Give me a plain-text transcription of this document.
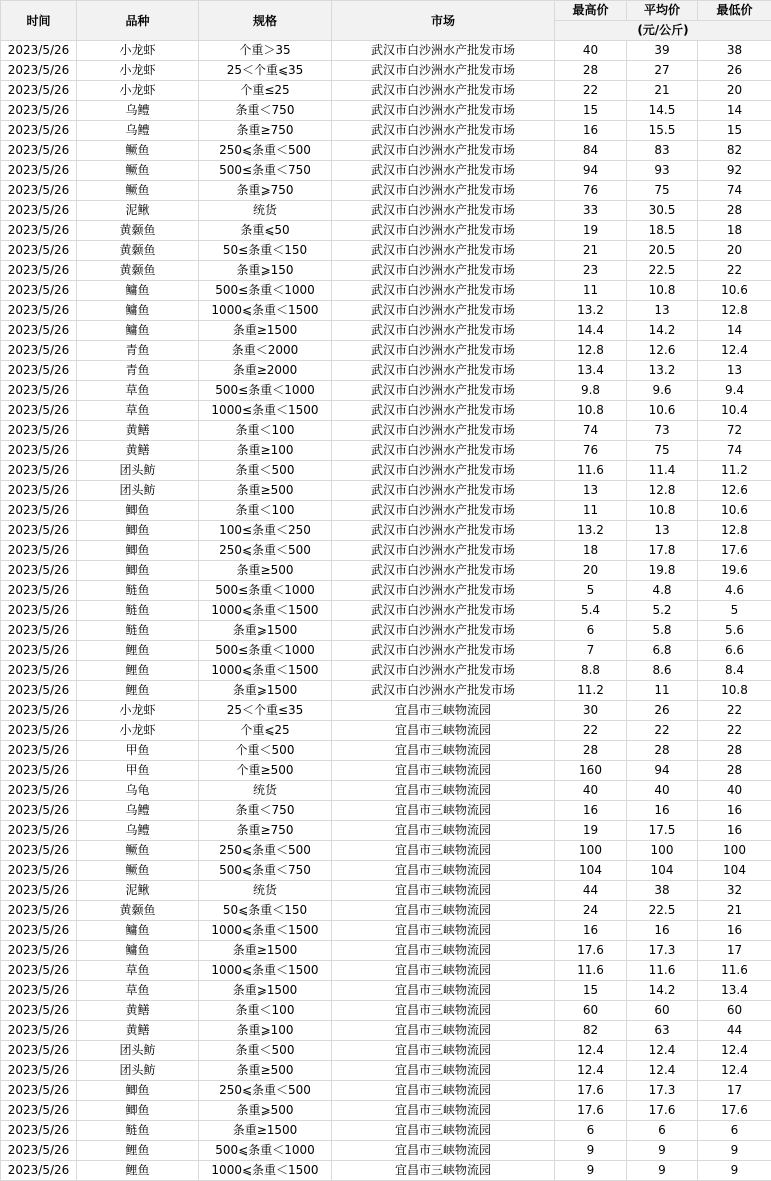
时间	品种	规格	市场	最高价	平均价	最低价
				(元/公斤)		
2023/5/26	小龙虾	个重＞35	武汉市白沙洲水产批发市场	40	39	38
2023/5/26	小龙虾	25＜个重⩽35	武汉市白沙洲水产批发市场	28	27	26
2023/5/26	小龙虾	个重≤25	武汉市白沙洲水产批发市场	22	21	20
2023/5/26	乌鳢	条重＜750	武汉市白沙洲水产批发市场	15	14.5	14
2023/5/26	乌鳢	条重≥750	武汉市白沙洲水产批发市场	16	15.5	15
2023/5/26	鳜鱼	250⩽条重＜500	武汉市白沙洲水产批发市场	84	83	82
2023/5/26	鳜鱼	500≤条重＜750	武汉市白沙洲水产批发市场	94	93	92
2023/5/26	鳜鱼	条重⩾750	武汉市白沙洲水产批发市场	76	75	74
2023/5/26	泥鳅	统货	武汉市白沙洲水产批发市场	33	30.5	28
2023/5/26	黄颡鱼	条重⩽50	武汉市白沙洲水产批发市场	19	18.5	18
2023/5/26	黄颡鱼	50≤条重＜150	武汉市白沙洲水产批发市场	21	20.5	20
2023/5/26	黄颡鱼	条重⩾150	武汉市白沙洲水产批发市场	23	22.5	22
2023/5/26	鳙鱼	500≤条重＜1000	武汉市白沙洲水产批发市场	11	10.8	10.6
2023/5/26	鳙鱼	1000⩽条重＜1500	武汉市白沙洲水产批发市场	13.2	13	12.8
2023/5/26	鳙鱼	条重≥1500	武汉市白沙洲水产批发市场	14.4	14.2	14
2023/5/26	青鱼	条重＜2000	武汉市白沙洲水产批发市场	12.8	12.6	12.4
2023/5/26	青鱼	条重≥2000	武汉市白沙洲水产批发市场	13.4	13.2	13
2023/5/26	草鱼	500≤条重＜1000	武汉市白沙洲水产批发市场	9.8	9.6	9.4
2023/5/26	草鱼	1000≤条重＜1500	武汉市白沙洲水产批发市场	10.8	10.6	10.4
2023/5/26	黄鳝	条重＜100	武汉市白沙洲水产批发市场	74	73	72
2023/5/26	黄鳝	条重≥100	武汉市白沙洲水产批发市场	76	75	74
2023/5/26	团头鲂	条重＜500	武汉市白沙洲水产批发市场	11.6	11.4	11.2
2023/5/26	团头鲂	条重≥500	武汉市白沙洲水产批发市场	13	12.8	12.6
2023/5/26	鲫鱼	条重＜100	武汉市白沙洲水产批发市场	11	10.8	10.6
2023/5/26	鲫鱼	100≤条重＜250	武汉市白沙洲水产批发市场	13.2	13	12.8
2023/5/26	鲫鱼	250⩽条重＜500	武汉市白沙洲水产批发市场	18	17.8	17.6
2023/5/26	鲫鱼	条重≥500	武汉市白沙洲水产批发市场	20	19.8	19.6
2023/5/26	鲢鱼	500≤条重＜1000	武汉市白沙洲水产批发市场	5	4.8	4.6
2023/5/26	鲢鱼	1000⩽条重＜1500	武汉市白沙洲水产批发市场	5.4	5.2	5
2023/5/26	鲢鱼	条重⩾1500	武汉市白沙洲水产批发市场	6	5.8	5.6
2023/5/26	鲤鱼	500≤条重＜1000	武汉市白沙洲水产批发市场	7	6.8	6.6
2023/5/26	鲤鱼	1000⩽条重＜1500	武汉市白沙洲水产批发市场	8.8	8.6	8.4
2023/5/26	鲤鱼	条重⩾1500	武汉市白沙洲水产批发市场	11.2	11	10.8
2023/5/26	小龙虾	25＜个重≤35	宜昌市三峡物流园	30	26	22
2023/5/26	小龙虾	个重⩽25	宜昌市三峡物流园	22	22	22
2023/5/26	甲鱼	个重＜500	宜昌市三峡物流园	28	28	28
2023/5/26	甲鱼	个重≥500	宜昌市三峡物流园	160	94	28
2023/5/26	乌龟	统货	宜昌市三峡物流园	40	40	40
2023/5/26	乌鳢	条重＜750	宜昌市三峡物流园	16	16	16
2023/5/26	乌鳢	条重≥750	宜昌市三峡物流园	19	17.5	16
2023/5/26	鳜鱼	250⩽条重＜500	宜昌市三峡物流园	100	100	100
2023/5/26	鳜鱼	500⩽条重＜750	宜昌市三峡物流园	104	104	104
2023/5/26	泥鳅	统货	宜昌市三峡物流园	44	38	32
2023/5/26	黄颡鱼	50⩽条重＜150	宜昌市三峡物流园	24	22.5	21
2023/5/26	鳙鱼	1000⩽条重＜1500	宜昌市三峡物流园	16	16	16
2023/5/26	鳙鱼	条重≥1500	宜昌市三峡物流园	17.6	17.3	17
2023/5/26	草鱼	1000⩽条重＜1500	宜昌市三峡物流园	11.6	11.6	11.6
2023/5/26	草鱼	条重⩾1500	宜昌市三峡物流园	15	14.2	13.4
2023/5/26	黄鳝	条重＜100	宜昌市三峡物流园	60	60	60
2023/5/26	黄鳝	条重⩾100	宜昌市三峡物流园	82	63	44
2023/5/26	团头鲂	条重＜500	宜昌市三峡物流园	12.4	12.4	12.4
2023/5/26	团头鲂	条重≥500	宜昌市三峡物流园	12.4	12.4	12.4
2023/5/26	鲫鱼	250⩽条重＜500	宜昌市三峡物流园	17.6	17.3	17
2023/5/26	鲫鱼	条重⩾500	宜昌市三峡物流园	17.6	17.6	17.6
2023/5/26	鲢鱼	条重≥1500	宜昌市三峡物流园	6	6	6
2023/5/26	鲤鱼	500⩽条重＜1000	宜昌市三峡物流园	9	9	9
2023/5/26	鲤鱼	1000⩽条重＜1500	宜昌市三峡物流园	9	9	9
